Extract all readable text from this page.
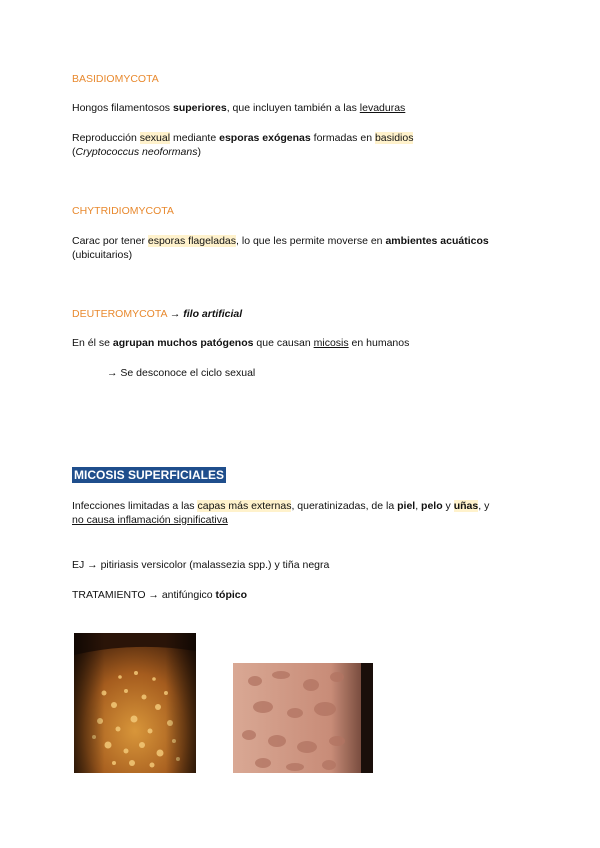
BASIDIOMYCOTA
Hongos filamentosos superiores, que incluyen también a las levaduras
Reproducción sexual mediante esporas exógenas formadas en basidios
(Cryptococcus neoformans)
CHYTRIDIOMYCOTA
Carac por tener esporas flageladas, lo que les permite moverse en ambientes acuáticos
(ubicuitarios)
DEUTEROMYCOTA → filo artificial
En él se agrupan muchos patógenos que causan micosis en humanos
→ Se desconoce el ciclo sexual
MICOSIS SUPERFICIALES
Infecciones limitadas a las capas más externas, queratinizadas, de la piel, pelo y uñas, y
no causa inflamación significativa
EJ → pitiriasis versicolor (malassezia spp.) y tiña negra
TRATAMIENTO → antifúngico tópico
